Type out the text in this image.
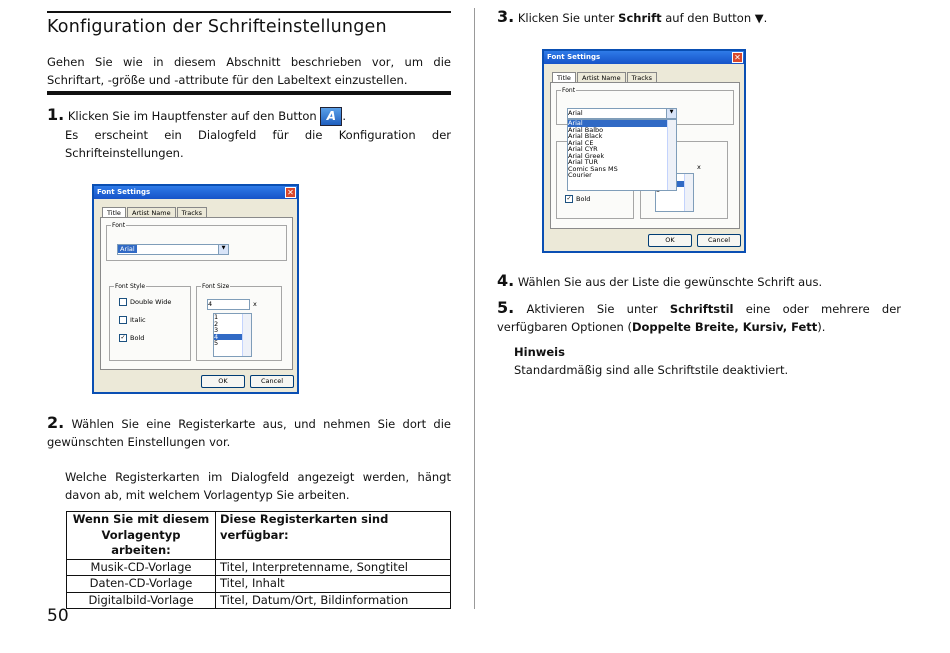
Konfiguration der Schrifteinstellungen
Gehen Sie wie in diesem Abschnitt beschrieben vor, um die Schriftart, -größe und -attribute für den Labeltext einzustellen.
1. Klicken Sie im Hauptfenster auf den Button A .
Es erscheint ein Dialogfeld für die Konfiguration der Schrifteinstellungen.
Font Settings	✕
Title Artist Name Tracks
Font
Arial	▼
Font Style
Double Wide
Italic
✓ Bold
Font Size
4	x
1
2
3
4
5
OK	Cancel
2. Wählen Sie eine Registerkarte aus, und nehmen Sie dort die gewünschten Einstellungen vor.
Welche Registerkarten im Dialogfeld angezeigt werden, hängt davon ab, mit welchem Vorlagentyp Sie arbeiten.
Wenn Sie mit diesem Vorlagentyp arbeiten:	Diese Registerkarten sind verfügbar:
Musik-CD-Vorlage	Titel, Interpretenname, Songtitel
Daten-CD-Vorlage	Titel, Inhalt
Digitalbild-Vorlage	Titel, Datum/Ort, Bildinformation
50
3. Klicken Sie unter Schrift auf den Button ▼.
Font Settings	✕
Title Artist Name Tracks
Font
x
✓ Bold
Arial	▼
Arial
Arial Balbo
Arial Black
Arial CE
Arial CYR
Arial Greek
Arial TUR
Comic Sans MS
Courier
OK	Cancel
4. Wählen Sie aus der Liste die gewünschte Schrift aus.
5. Aktivieren Sie unter Schriftstil eine oder mehrere der verfügbaren Optionen (Doppelte Breite, Kursiv, Fett).
Hinweis
Standardmäßig sind alle Schriftstile deaktiviert.
